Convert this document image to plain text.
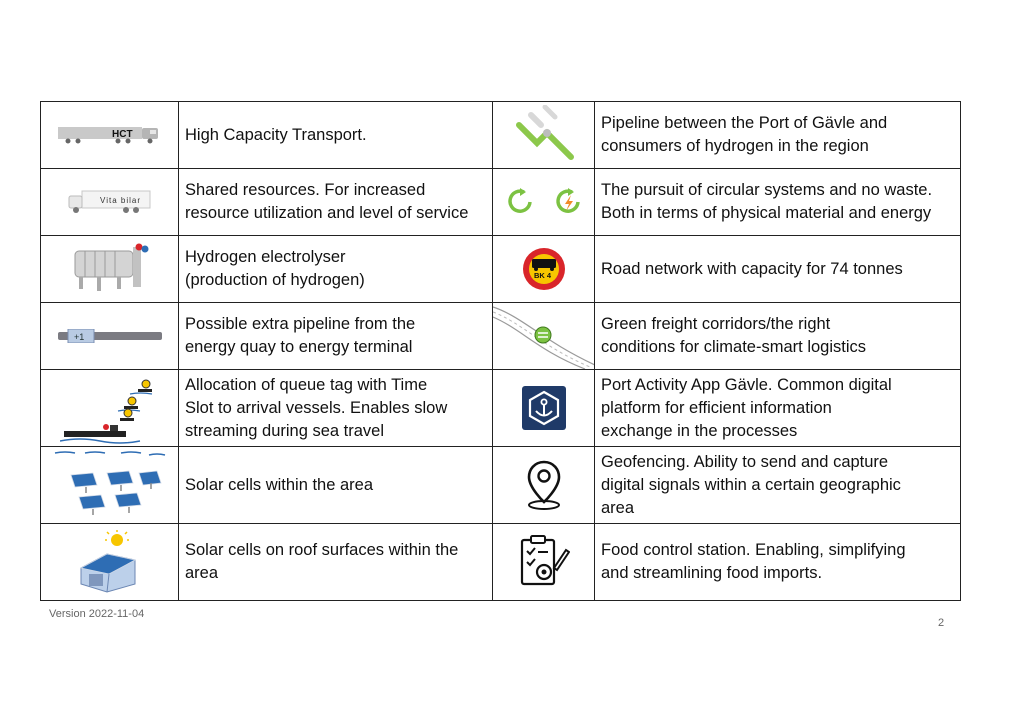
HCT	High Capacity Transport.		Pipeline between the Port of Gävle and
consumers of hydrogen in the region

Vita bilar	Shared resources. For increased
resource utilization and level of service		The pursuit of circular systems and no waste.
Both in terms of physical material and energy

	Hydrogen electrolyser
(production of hydrogen)	BK 4	Road network with capacity for 74 tonnes

+1	Possible extra pipeline from the
energy quay to energy terminal		Green freight corridors/the right
conditions for climate-smart logistics

	Allocation of queue tag with Time
Slot to arrival vessels. Enables slow
streaming during sea travel		Port Activity App Gävle. Common digital
platform for efficient information
exchange in the processes

	Solar cells within the area		Geofencing. Ability to send and capture
digital signals within a certain geographic
area

	Solar cells on roof surfaces within the
area		Food control station. Enabling, simplifying
and streamlining food imports.
Version 2022-11-04
2
